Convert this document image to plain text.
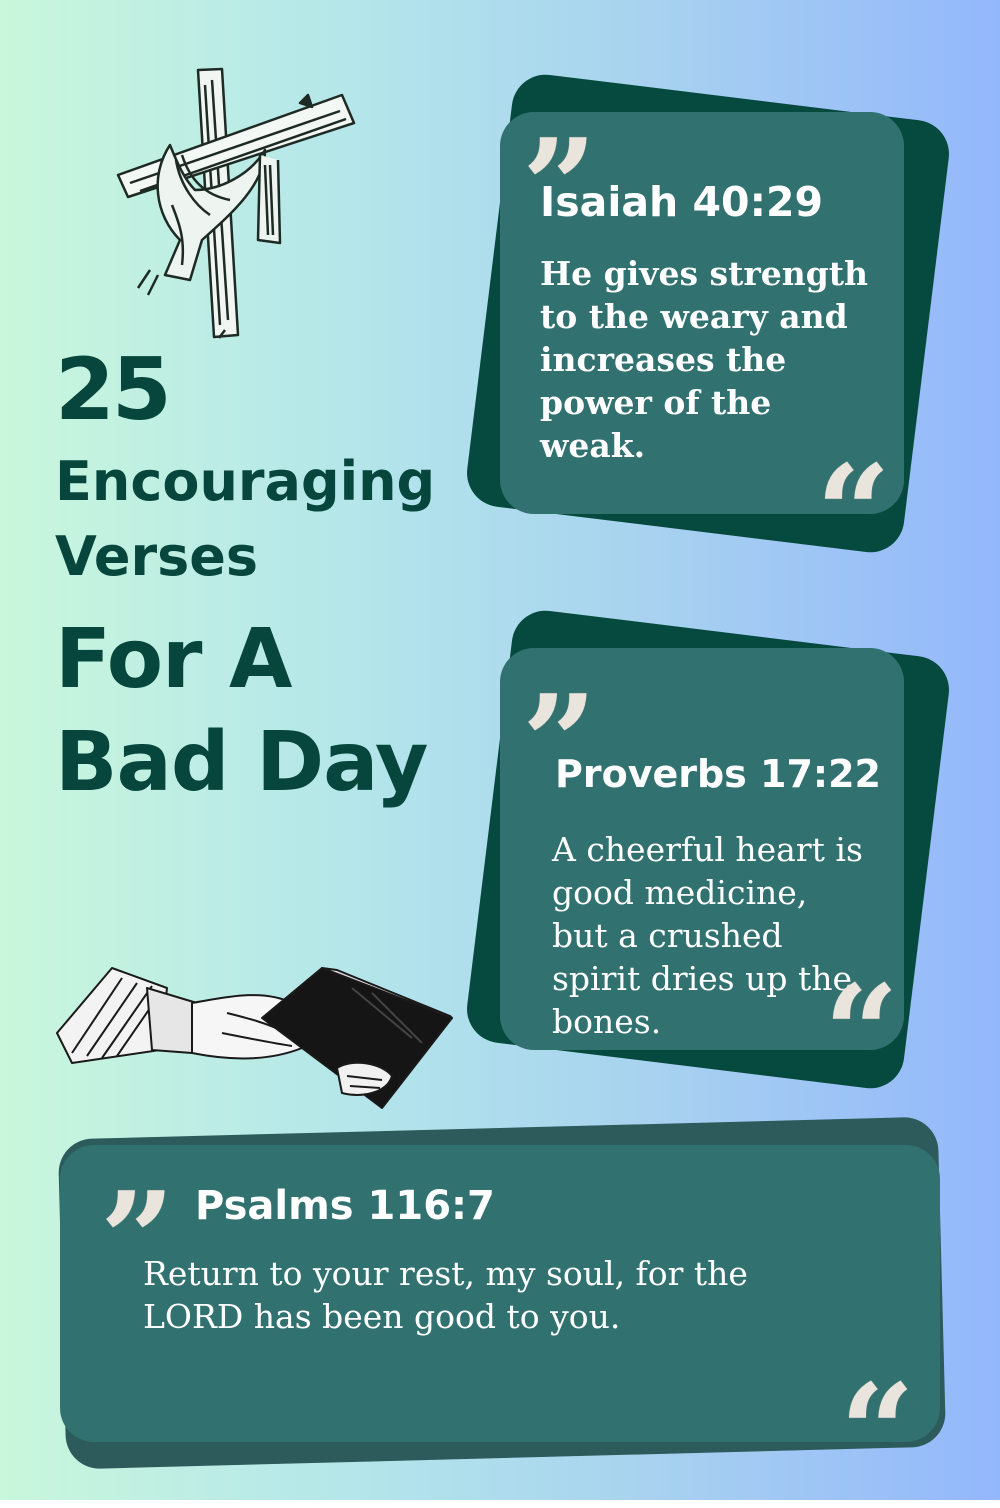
25
Encouraging
Verses
For A
Bad Day
”
Isaiah 40:29

He gives strength to the weary and increases the power of the weak.	“
”
Proverbs 17:22

A cheerful heart is good medicine, but a crushed spirit dries up the bones.	“
” Psalms 116:7

Return to your rest, my soul, for the LORD has been good to you.

“
